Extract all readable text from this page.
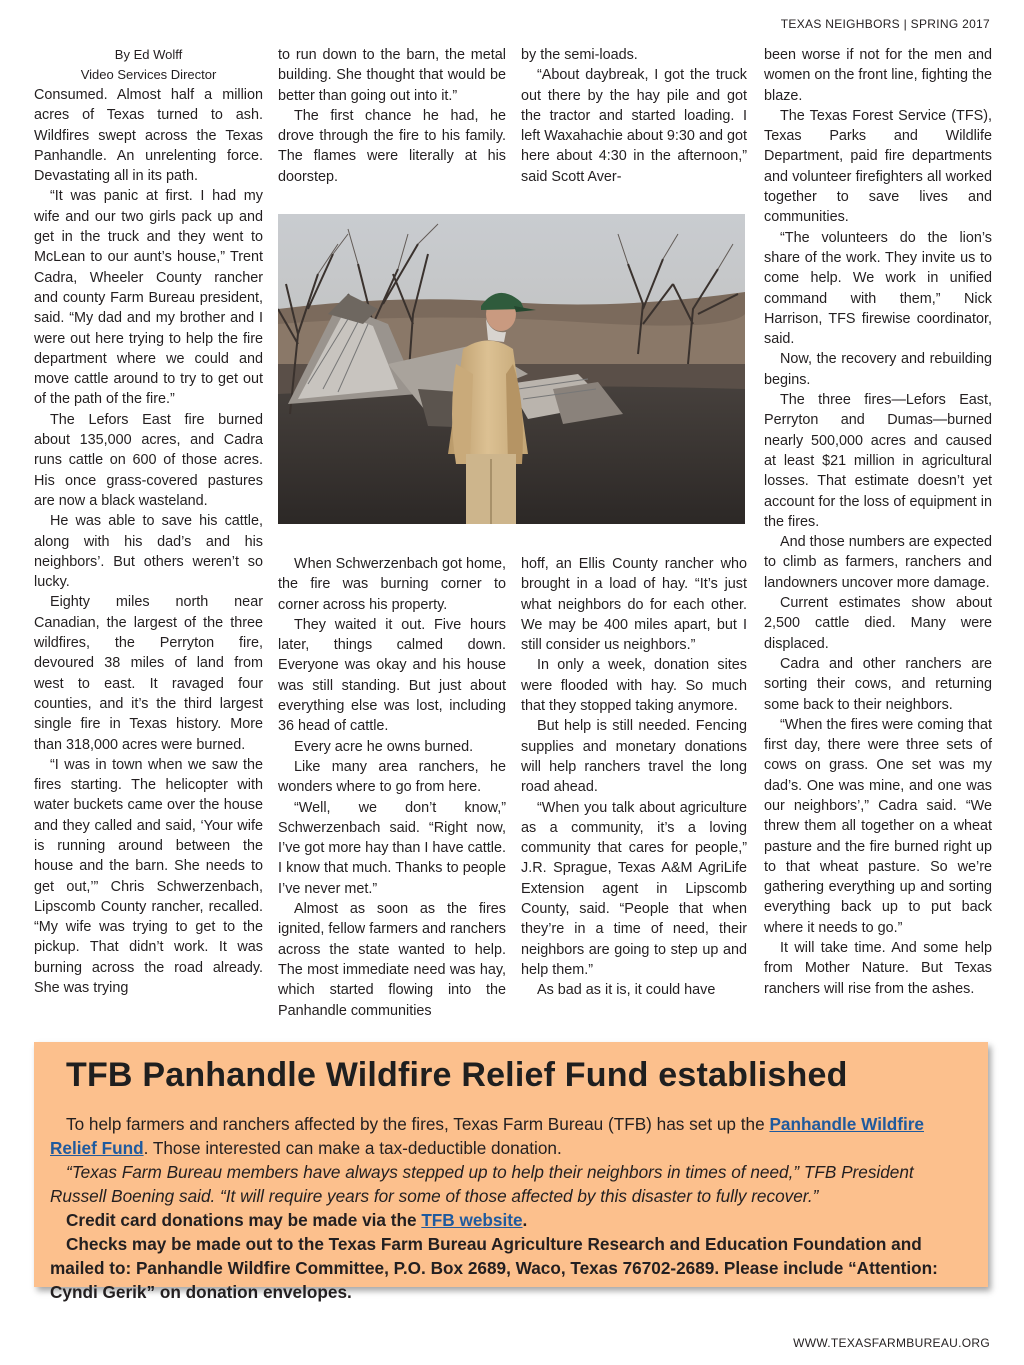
TEXAS NEIGHBORS | SPRING 2017

By Ed Wolff

Video Services Director

Consumed. Almost half a million acres of Texas turned to ash. Wildfires swept across the Texas Panhandle. An unrelenting force. Devastating all in its path.

“It was panic at first. I had my wife and our two girls pack up and get in the truck and they went to McLean to our aunt’s house,” Trent Cadra, Wheeler County rancher and county Farm Bureau president, said. “My dad and my brother and I were out here trying to help the fire department where we could and move cattle around to try to get out of the path of the fire.”

The Lefors East fire burned about 135,000 acres, and Cadra runs cattle on 600 of those acres. His once grass-covered pastures are now a black wasteland.

He was able to save his cattle, along with his dad’s and his neighbors’. But others weren’t so lucky.

Eighty miles north near Canadian, the largest of the three wildfires, the Perryton fire, devoured 38 miles of land from west to east. It ravaged four counties, and it’s the third largest single fire in Texas history. More than 318,000 acres were burned.

“I was in town when we saw the fires starting. The helicopter with water buckets came over the house and they called and said, ‘Your wife is running around between the house and the barn. She needs to get out,’” Chris Schwerzenbach, Lipscomb County rancher, recalled. “My wife was trying to get to the pickup. That didn’t work. It was burning across the road already. She was trying

to run down to the barn, the metal building. She thought that would be better than going out into it.”

The first chance he had, he drove through the fire to his family. The flames were literally at his doorstep.

by the semi-loads.

“About daybreak, I got the truck out there by the hay pile and got the tractor and started loading. I left Waxahachie about 9:30 and got here about 4:30 in the afternoon,” said Scott Aver-

When Schwerzenbach got home, the fire was burning corner to corner across his property.

They waited it out. Five hours later, things calmed down. Everyone was okay and his house was still standing. But just about everything else was lost, including 36 head of cattle.

Every acre he owns burned.

Like many area ranchers, he wonders where to go from here.

“Well, we don’t know,” Schwerzenbach said. “Right now, I’ve got more hay than I have cattle. I know that much. Thanks to people I’ve never met.”

Almost as soon as the fires ignited, fellow farmers and ranchers across the state wanted to help. The most immediate need was hay, which started flowing into the Panhandle communities

hoff, an Ellis County rancher who brought in a load of hay. “It’s just what neighbors do for each other. We may be 400 miles apart, but I still consider us neighbors.”

In only a week, donation sites were flooded with hay. So much that they stopped taking anymore.

But help is still needed. Fencing supplies and monetary donations will help ranchers travel the long road ahead.

“When you talk about agriculture as a community, it’s a loving community that cares for people,” J.R. Sprague, Texas A&M AgriLife Extension agent in Lipscomb County, said. “People that when they’re in a time of need, their neighbors are going to step up and help them.”

As bad as it is, it could have

been worse if not for the men and women on the front line, fighting the blaze.

The Texas Forest Service (TFS), Texas Parks and Wildlife Department, paid fire departments and volunteer firefighters all worked together to save lives and communities.

“The volunteers do the lion’s share of the work. They invite us to come help. We work in unified command with them,” Nick Harrison, TFS firewise coordinator, said.

Now, the recovery and rebuilding begins.

The three fires—Lefors East, Perryton and Dumas—burned nearly 500,000 acres and caused at least $21 million in agricultural losses. That estimate doesn’t yet account for the loss of equipment in the fires.

And those numbers are expected to climb as farmers, ranchers and landowners uncover more damage.

Current estimates show about 2,500 cattle died. Many were displaced.

Cadra and other ranchers are sorting their cows, and returning some back to their neighbors.

“When the fires were coming that first day, there were three sets of cows on grass. One set was my dad’s. One was mine, and one was our neighbors’,” Cadra said. “We threw them all together on a wheat pasture and the fire burned right up to that wheat pasture. So we’re gathering everything up and sorting everything back up to put back where it needs to go.”

It will take time. And some help from Mother Nature. But Texas ranchers will rise from the ashes.

TFB Panhandle Wildfire Relief Fund established

To help farmers and ranchers affected by the fires, Texas Farm Bureau (TFB) has set up the Panhandle Wildfire Relief Fund. Those interested can make a tax-deductible donation.

“Texas Farm Bureau members have always stepped up to help their neighbors in times of need,” TFB President Russell Boening said. “It will require years for some of those affected by this disaster to fully recover.”

Credit card donations may be made via the TFB website.

Checks may be made out to the Texas Farm Bureau Agriculture Research and Education Foundation and mailed to: Panhandle Wildfire Committee, P.O. Box 2689, Waco, Texas 76702-2689. Please include “Attention: Cyndi Gerik” on donation envelopes.

WWW.TEXASFARMBUREAU.ORG
